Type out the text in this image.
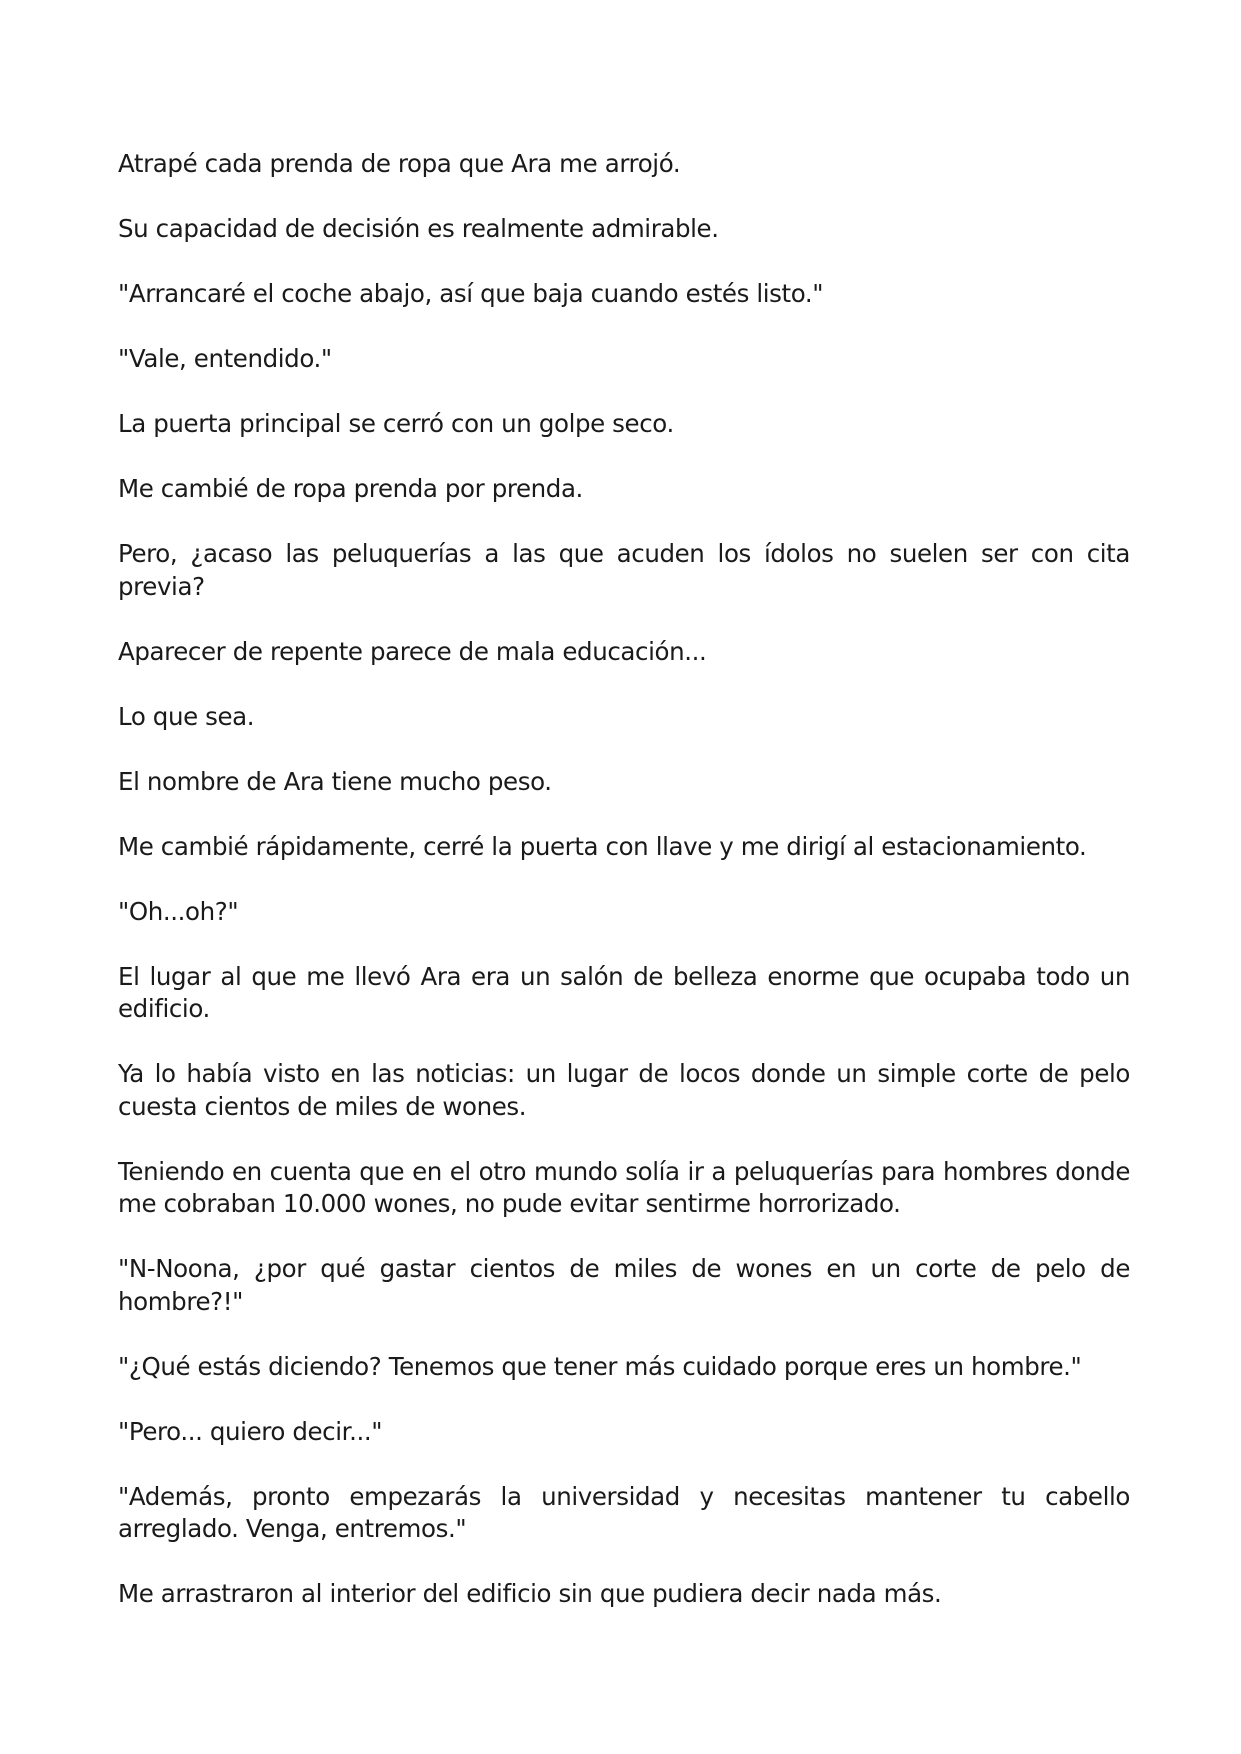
Atrapé cada prenda de ropa que Ara me arrojó.

Su capacidad de decisión es realmente admirable.

"Arrancaré el coche abajo, así que baja cuando estés listo."

"Vale, entendido."

La puerta principal se cerró con un golpe seco.

Me cambié de ropa prenda por prenda.

Pero, ¿acaso las peluquerías a las que acuden los ídolos no suelen ser con cita previa?

Aparecer de repente parece de mala educación...

Lo que sea.

El nombre de Ara tiene mucho peso.

Me cambié rápidamente, cerré la puerta con llave y me dirigí al estacionamiento.

"Oh...oh?"

El lugar al que me llevó Ara era un salón de belleza enorme que ocupaba todo un edificio.

Ya lo había visto en las noticias: un lugar de locos donde un simple corte de pelo cuesta cientos de miles de wones.

Teniendo en cuenta que en el otro mundo solía ir a peluquerías para hombres donde me cobraban 10.000 wones, no pude evitar sentirme horrorizado.

"N-Noona, ¿por qué gastar cientos de miles de wones en un corte de pelo de hombre?!"

"¿Qué estás diciendo? Tenemos que tener más cuidado porque eres un hombre."

"Pero... quiero decir..."

"Además, pronto empezarás la universidad y necesitas mantener tu cabello arreglado. Venga, entremos."

Me arrastraron al interior del edificio sin que pudiera decir nada más.
